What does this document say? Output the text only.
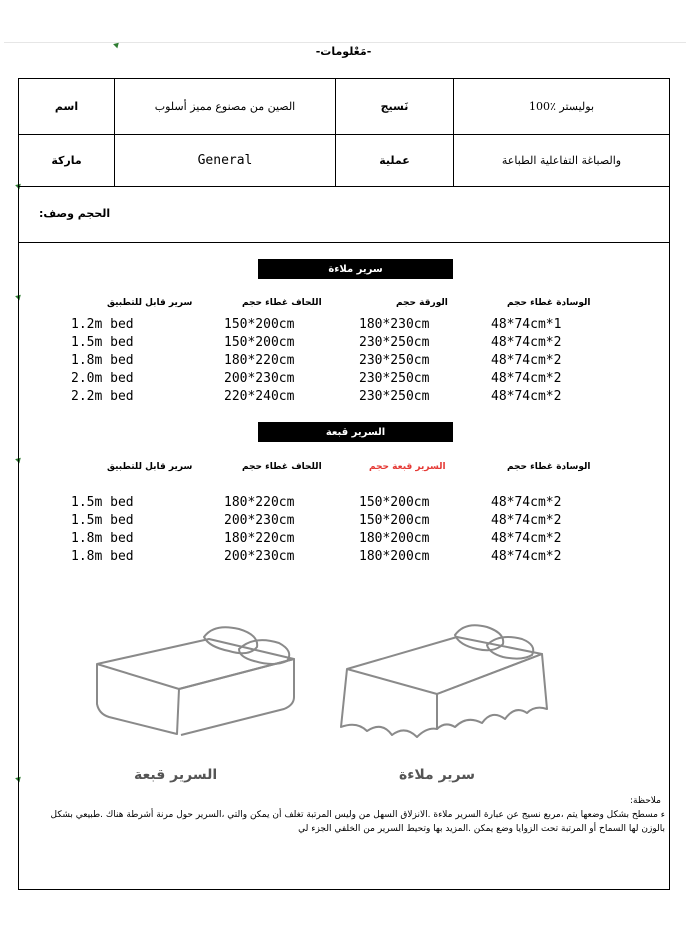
-مَعْلومات-
اسم	الصين من مصنوع مميز أسلوب	نَسيج	بوليستر ٪100
ماركة	General	عملية	والصباغة التفاعلية الطباعة
:الحجم وصف
سرير ملاءة
سرير قابل للتطبيق	اللحاف غطاء حجم	الورقة حجم	الوسادة غطاء حجم
1.2m bed	150*200cm	180*230cm	48*74cm*1
1.5m bed	150*200cm	230*250cm	48*74cm*2
1.8m bed	180*220cm	230*250cm	48*74cm*2
2.0m bed	200*230cm	230*250cm	48*74cm*2
2.2m bed	220*240cm	230*250cm	48*74cm*2
السرير قبعة
سرير قابل للتطبيق	اللحاف غطاء حجم	السرير قبعة حجم	الوسادة غطاء حجم
1.5m bed	180*220cm	150*200cm	48*74cm*2
1.5m bed	200*230cm	150*200cm	48*74cm*2
1.8m bed	180*220cm	180*200cm	48*74cm*2
1.8m bed	200*230cm	180*200cm	48*74cm*2
السرير قبعة	سرير ملاءة
:ملاحظة
ء مسطح بشكل وضعها يتم ،مربع نسيج عن عبارة السرير ملاءة .الانزلاق السهل من وليس المرتبة تغلف أن يمكن والتي ،السرير حول مرنة أشرطة هناك .طبيعي بشكل بالوزن لها السماح أو المرتبة تحت الزوايا وضع يمكن .المزيد بها وتحيط السرير من الخلفي الجزء لي
